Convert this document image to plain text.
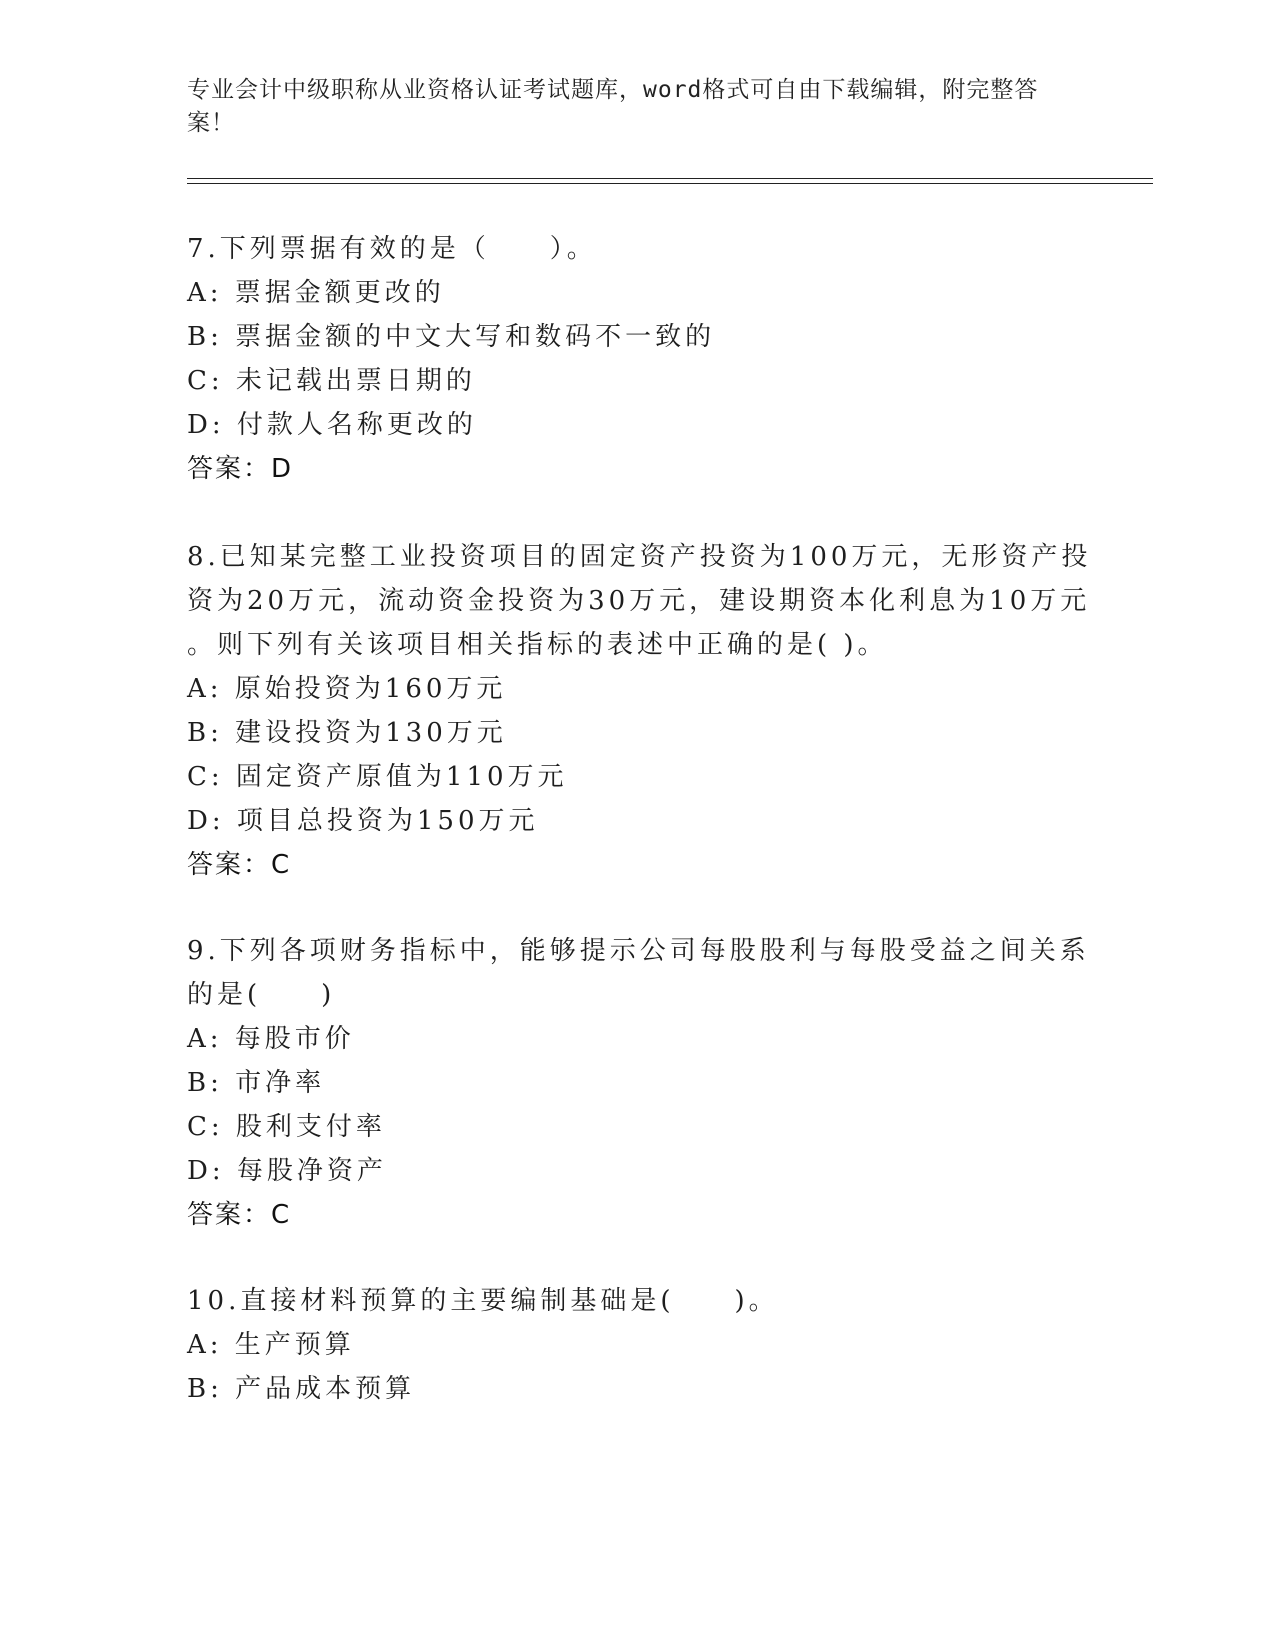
专业会计中级职称从业资格认证考试题库，word格式可自由下载编辑，附完整答案！
7.下列票据有效的是（　　）。
A: 票据金额更改的
B: 票据金额的中文大写和数码不一致的
C: 未记载出票日期的
D: 付款人名称更改的
答案：D
8.已知某完整工业投资项目的固定资产投资为100万元，无形资产投
资为20万元，流动资金投资为30万元，建设期资本化利息为10万元
。则下列有关该项目相关指标的表述中正确的是( )。
A: 原始投资为160万元
B: 建设投资为130万元
C: 固定资产原值为110万元
D: 项目总投资为150万元
答案：C
9.下列各项财务指标中，能够提示公司每股股利与每股受益之间关系
的是(　　)
A: 每股市价
B: 市净率
C: 股利支付率
D: 每股净资产
答案：C
10.直接材料预算的主要编制基础是(　　)。
A: 生产预算
B: 产品成本预算
